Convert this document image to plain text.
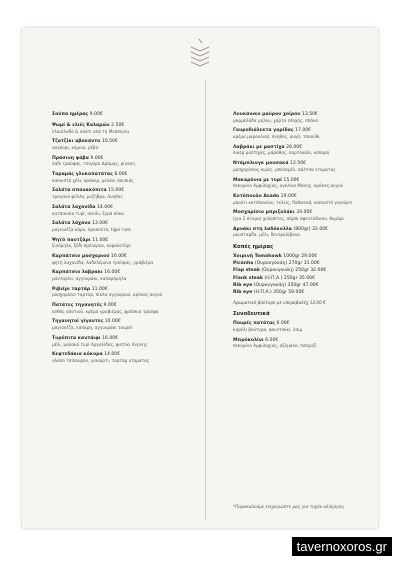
Σούπα ημέρας 9.00€
Ψωμί & ελιές Καλαμών 2.50€
ελαιόλαδο & αλάτι από τη Μεσσηνία
Τζατζίκι αβοκάντο 10.50€
αγγούρι, κύμινο, ρέβα
Πράσινη φάβα 9.00€
λάδι τρούφας, τσιγάρο Δράμας, ρίγανη
Ταραμάς γλυκοπατάτας 8.00€
καπνιστό χέλι, κράκερ, μελάνι σουπιάς
Σαλάτα σπανακόπιτα 15.00€
τραγανό φύλλο, μυζήθρα, άνηθος
Σαλάτα λαχανίδα 14.00€
κατσικίσιο τυρί, πεκάν, ξερά σύκα
Σαλάτα λάχανο 13.00€
μαγιονέζα κάρυ, προσούτο, tiger nuts
Ψητό παντζάρι 11.00€
ξινόμηλο, ξύδι σμέουρου, κεφαλοτύρι
Καρπάτσιο μοσχαριού 16.00€
ψητή λαχανίδα, λαδολέμονο τρούφας, γραβιέρα
Καρπάτσιο λαβρακι 16.00€
μανταρίνι, αγγουράκι, καπαρόμηλα
Ριβιέρι ταρτάρ 11.00€
μοσχαρίσιο ταρτάρ, πίκλα αγγουριού, κρόκος αυγού
Πατάτες τηγανητές 9.00€
ανθός αλατιού, κρέμα γραβιέρας, φρέσκια τρούφα
Τηγανητοί γίγαντες 10.00€
μαγιονέζα, κάπαρη, αγγουράκι τουρσί
Τυρόπιτα καντάιφι 16.00€
μέλι, μαλακό τυρί Αργολίδας, φιστίκι Αιγίνης
Κεφτεδάκια κόκορα 14.00€
γλάσο τσίπουρου, γιαούρτι, ταρτάρ ντομάτας
Λουκάνικο μαύρου χοίρου 13.50€
μαρμελάδα μήλου, χόρτα εποχής, σπάκο
Γαυροδιάλεκτα γαρίδας 17.00€
κρέμα μαρουλιού, άνηθος, αυγά, τσαούθι
Λαβράκι με μαστίχα 26.00€
λικέρ μαστίχας, μάραθος, πορτοκάλι, κάπαρη
Ντάμπλινγκ μουσακά 12.50€
μοσχαρίσιος κιμάς, μπεσαμέλ, σάλτσα ντομάτας
Μακαρόνια με τυρί 15.00€
πεκορίνο Αμφιλοχίας, αγκλίνο Μάνης, κρόκος αυγού
Κοτόπουλο Asado 19.00€
μπούτι κοτόπουλου, τελείς, flatbread, καπνιστό γιαούρτι
Μοσχαρίσιο μπριζολάκι 34.00€
(για 2 άτομα) χυλοπίτες, σάρπι αφεντάδικου, θυμάρι
Αρνάκι στη λαδόκολλα (800gr) 32.00€
μουσταρδα, μέλι, δεντρολίβανο
Κοπές ημέρας
Χοιρινή Tomahawk 1000gr 29.00€
Picanha (Ουρουγουάη) 270gr 31.00€
Flap steak (Ουρουγουάη) 250gr 32.00€
Flank steak (Η.Π.Α.) 250gr 35.00€
Rib eye (Ουρουγουάη) 350gr 47.00€
Rib eye (Η.Π.Α.) 350gr 59.00€
Αρωματικό βούτυρο με υπεραβαλέχ 12.00 €
Συνοδευτικά
Πουρές πατάτας 6.00€
καρέλι βούτυρο, φουντούκι, λάιμ
Μπρόκολίνι 6.00€
πεκορίνο Αμφιλοχίας, αξύμαλο, πιπεριζί
*Παρακαλούμε ενημερώστε μας για τυχόν αλλεργίες
tavernoxoros.gr
